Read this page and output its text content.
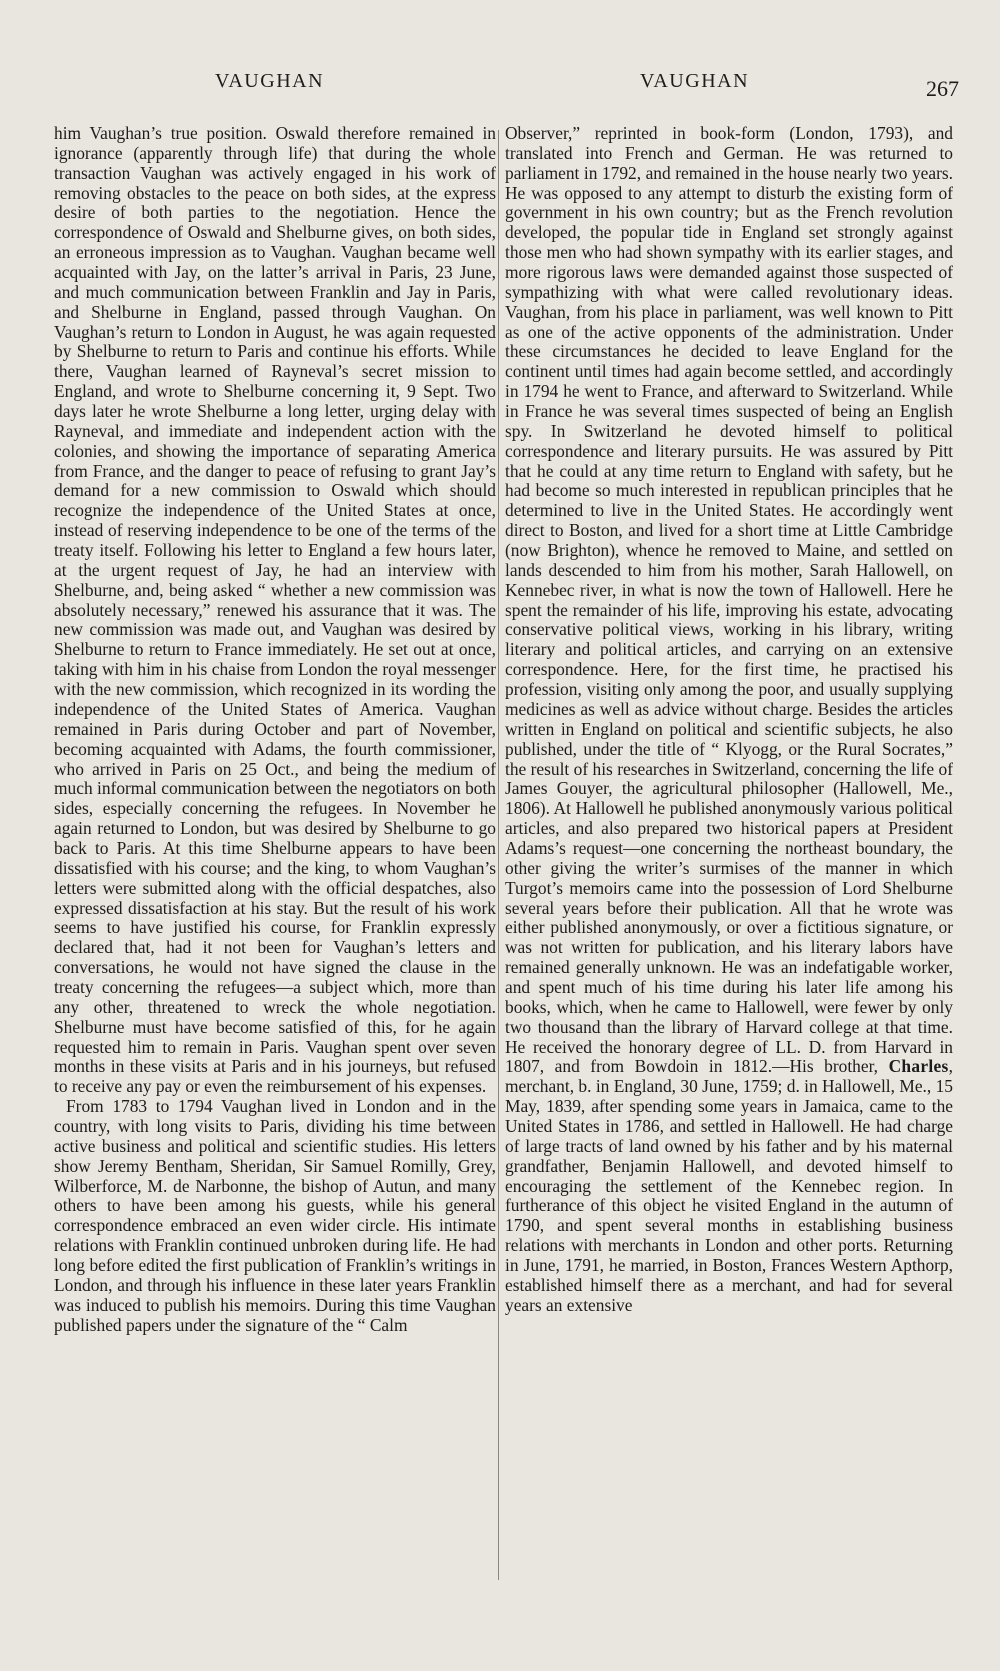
VAUGHAN	VAUGHAN	267

him Vaughan’s true position. Oswald therefore remained in ignorance (apparently through life) that during the whole transaction Vaughan was actively engaged in his work of removing obstacles to the peace on both sides, at the express desire of both parties to the negotiation. Hence the correspondence of Oswald and Shelburne gives, on both sides, an erroneous impression as to Vaughan. Vaughan became well acquainted with Jay, on the latter’s arrival in Paris, 23 June, and much communication between Franklin and Jay in Paris, and Shelburne in England, passed through Vaughan. On Vaughan’s return to London in August, he was again requested by Shelburne to return to Paris and continue his efforts. While there, Vaughan learned of Rayneval’s secret mission to England, and wrote to Shelburne concerning it, 9 Sept. Two days later he wrote Shelburne a long letter, urging delay with Rayneval, and immediate and independent action with the colonies, and showing the importance of separating America from France, and the danger to peace of refusing to grant Jay’s demand for a new commission to Oswald which should recognize the independence of the United States at once, instead of reserving independence to be one of the terms of the treaty itself. Following his letter to England a few hours later, at the urgent request of Jay, he had an interview with Shelburne, and, being asked “ whether a new commission was absolutely necessary,” renewed his assurance that it was. The new commission was made out, and Vaughan was desired by Shelburne to return to France immediately. He set out at once, taking with him in his chaise from London the royal messenger with the new commission, which recognized in its wording the independence of the United States of America. Vaughan remained in Paris during October and part of November, becoming acquainted with Adams, the fourth commissioner, who arrived in Paris on 25 Oct., and being the medium of much informal communication between the negotiators on both sides, especially concerning the refugees. In November he again returned to London, but was desired by Shelburne to go back to Paris. At this time Shelburne appears to have been dissatisfied with his course; and the king, to whom Vaughan’s letters were submitted along with the official despatches, also expressed dissatisfaction at his stay. But the result of his work seems to have justified his course, for Franklin expressly declared that, had it not been for Vaughan’s letters and conversations, he would not have signed the clause in the treaty concerning the refugees—a subject which, more than any other, threatened to wreck the whole negotiation. Shelburne must have become satisfied of this, for he again requested him to remain in Paris. Vaughan spent over seven months in these visits at Paris and in his journeys, but refused to receive any pay or even the reimbursement of his expenses.

From 1783 to 1794 Vaughan lived in London and in the country, with long visits to Paris, dividing his time between active business and political and scientific studies. His letters show Jeremy Bentham, Sheridan, Sir Samuel Romilly, Grey, Wilberforce, M. de Narbonne, the bishop of Autun, and many others to have been among his guests, while his general correspondence embraced an even wider circle. His intimate relations with Franklin continued unbroken during life. He had long before edited the first publication of Franklin’s writings in London, and through his influence in these later years Franklin was induced to publish his memoirs. During this time Vaughan published papers under the signature of the “ Calm

Observer,” reprinted in book-form (London, 1793), and translated into French and German. He was returned to parliament in 1792, and remained in the house nearly two years. He was opposed to any attempt to disturb the existing form of government in his own country; but as the French revolution developed, the popular tide in England set strongly against those men who had shown sympathy with its earlier stages, and more rigorous laws were demanded against those suspected of sympathizing with what were called revolutionary ideas. Vaughan, from his place in parliament, was well known to Pitt as one of the active opponents of the administration. Under these circumstances he decided to leave England for the continent until times had again become settled, and accordingly in 1794 he went to France, and afterward to Switzerland. While in France he was several times suspected of being an English spy. In Switzerland he devoted himself to political correspondence and literary pursuits. He was assured by Pitt that he could at any time return to England with safety, but he had become so much interested in republican principles that he determined to live in the United States. He accordingly went direct to Boston, and lived for a short time at Little Cambridge (now Brighton), whence he removed to Maine, and settled on lands descended to him from his mother, Sarah Hallowell, on Kennebec river, in what is now the town of Hallowell. Here he spent the remainder of his life, improving his estate, advocating conservative political views, working in his library, writing literary and political articles, and carrying on an extensive correspondence. Here, for the first time, he practised his profession, visiting only among the poor, and usually supplying medicines as well as advice without charge. Besides the articles written in England on political and scientific subjects, he also published, under the title of “ Klyogg, or the Rural Socrates,” the result of his researches in Switzerland, concerning the life of James Gouyer, the agricultural philosopher (Hallowell, Me., 1806). At Hallowell he published anonymously various political articles, and also prepared two historical papers at President Adams’s request—one concerning the northeast boundary, the other giving the writer’s surmises of the manner in which Turgot’s memoirs came into the possession of Lord Shelburne several years before their publication. All that he wrote was either published anonymously, or over a fictitious signature, or was not written for publication, and his literary labors have remained generally unknown. He was an indefatigable worker, and spent much of his time during his later life among his books, which, when he came to Hallowell, were fewer by only two thousand than the library of Harvard college at that time. He received the honorary degree of LL. D. from Harvard in 1807, and from Bowdoin in 1812.—His brother, Charles, merchant, b. in England, 30 June, 1759; d. in Hallowell, Me., 15 May, 1839, after spending some years in Jamaica, came to the United States in 1786, and settled in Hallowell. He had charge of large tracts of land owned by his father and by his maternal grandfather, Benjamin Hallowell, and devoted himself to encouraging the settlement of the Kennebec region. In furtherance of this object he visited England in the autumn of 1790, and spent several months in establishing business relations with merchants in London and other ports. Returning in June, 1791, he married, in Boston, Frances Western Apthorp, established himself there as a merchant, and had for several years an extensive
